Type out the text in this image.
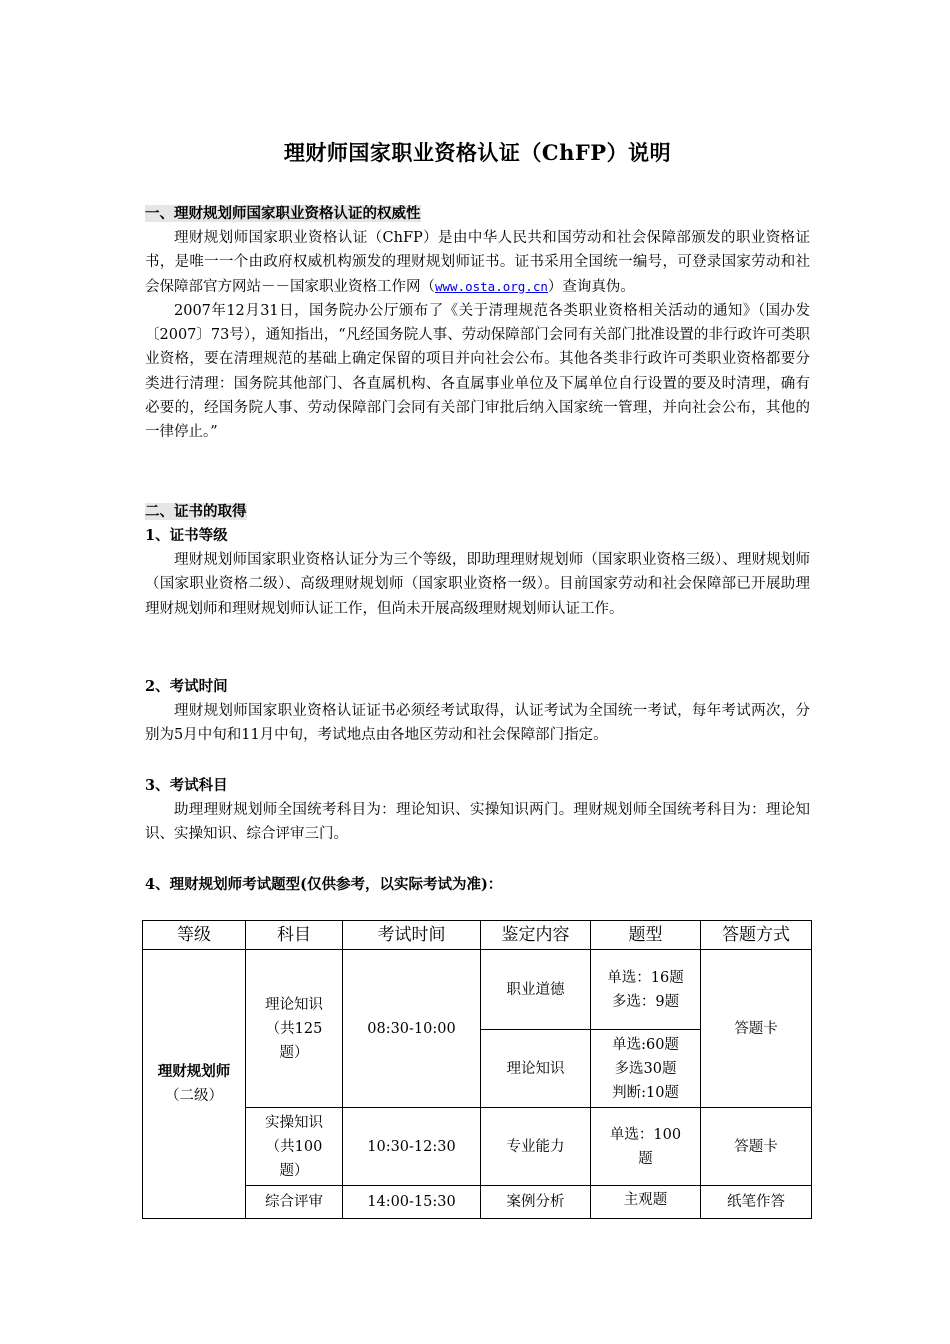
理财师国家职业资格认证（ChFP）说明
一、理财规划师国家职业资格认证的权威性

理财规划师国家职业资格认证（ChFP）是由中华人民共和国劳动和社会保障部颁发的职业资格证书，是唯一一个由政府权威机构颁发的理财规划师证书。证书采用全国统一编号，可登录国家劳动和社会保障部官方网站－－国家职业资格工作网（www.osta.org.cn）查询真伪。

2007年12月31日，国务院办公厅颁布了《关于清理规范各类职业资格相关活动的通知》（国办发〔2007〕73号），通知指出，“凡经国务院人事、劳动保障部门会同有关部门批准设置的非行政许可类职业资格，要在清理规范的基础上确定保留的项目并向社会公布。其他各类非行政许可类职业资格都要分类进行清理：国务院其他部门、各直属机构、各直属事业单位及下属单位自行设置的要及时清理，确有必要的，经国务院人事、劳动保障部门会同有关部门审批后纳入国家统一管理，并向社会公布，其他的一律停止。”

二、证书的取得
1、证书等级

理财规划师国家职业资格认证分为三个等级，即助理理财规划师（国家职业资格三级）、理财规划师（国家职业资格二级）、高级理财规划师（国家职业资格一级）。目前国家劳动和社会保障部已开展助理理财规划师和理财规划师认证工作，但尚未开展高级理财规划师认证工作。

2、考试时间

理财规划师国家职业资格认证证书必须经考试取得，认证考试为全国统一考试，每年考试两次，分别为5月中旬和11月中旬，考试地点由各地区劳动和社会保障部门指定。

3、考试科目

助理理财规划师全国统考科目为：理论知识、实操知识两门。理财规划师全国统考科目为：理论知识、实操知识、综合评审三门。

4、理财规划师考试题型(仅供参考，以实际考试为准)：
等级	科目	考试时间	鉴定内容	题型	答题方式

理财规划师
（二级）	理论知识（共125题）	08:30-10:00	职业道德	单选：16题 多选：9题	答题卡
			理论知识	单选:60题 多选30题 判断:10题	
	实操知识（共100题）	10:30-12:30	专业能力	单选：100题	答题卡
	综合评审	14:00-15:30	案例分析	主观题	纸笔作答
